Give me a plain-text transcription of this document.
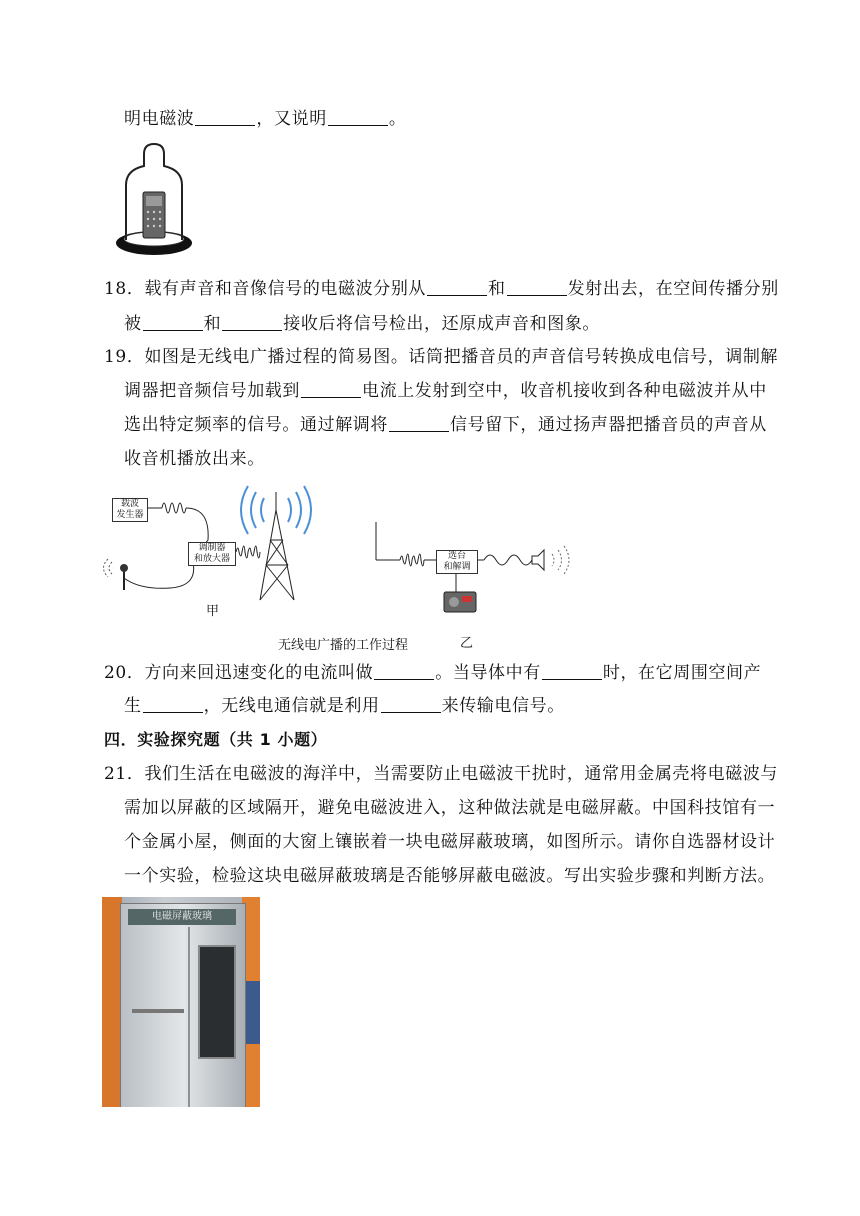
明电磁波	，又说明	。
18．载有声音和音像信号的电磁波分别从	和	发射出去，在空间传播分别
被	和	接收后将信号检出，还原成声音和图象。
19．如图是无线电广播过程的简易图。话筒把播音员的声音信号转换成电信号，调制解
调器把音频信号加载到	电流上发射到空中，收音机接收到各种电磁波并从中
选出特定频率的信号。通过解调将	信号留下，通过扬声器把播音员的声音从
收音机播放出来。
载波
发生器
调制器
和放大器	选台
和解调
甲
乙
无线电广播的工作过程
20．方向来回迅速变化的电流叫做	。当导体中有	时，在它周围空间产
生	，无线电通信就是利用	来传输电信号。
四．实验探究题（共 1 小题）
21．我们生活在电磁波的海洋中，当需要防止电磁波干扰时，通常用金属壳将电磁波与
需加以屏蔽的区域隔开，避免电磁波进入，这种做法就是电磁屏蔽。中国科技馆有一
个金属小屋，侧面的大窗上镶嵌着一块电磁屏蔽玻璃，如图所示。请你自选器材设计
一个实验，检验这块电磁屏蔽玻璃是否能够屏蔽电磁波。写出实验步骤和判断方法。
电磁屏蔽玻璃
